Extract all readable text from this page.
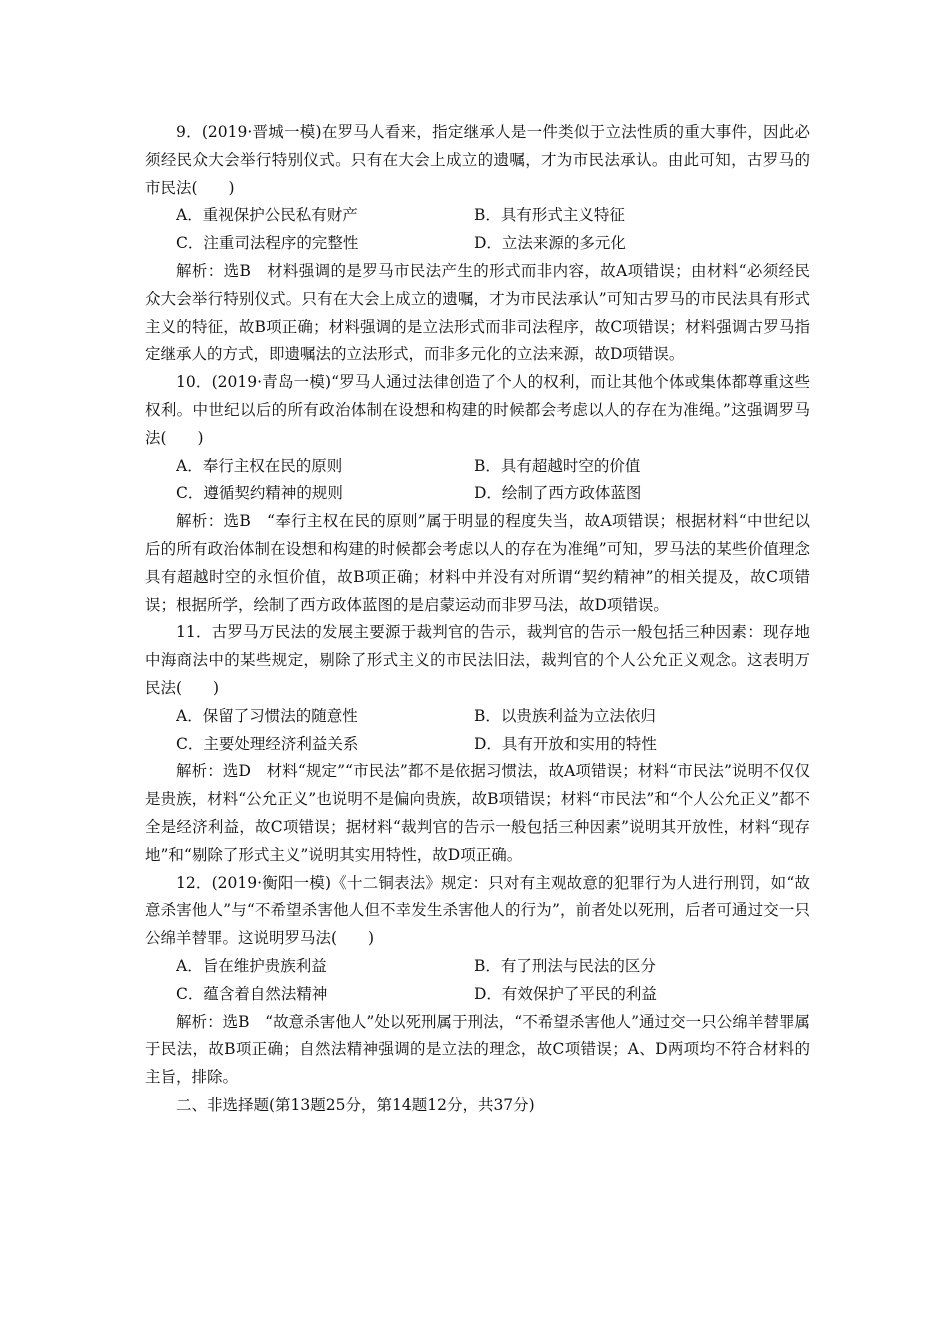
9．(2019·晋城一模)在罗马人看来，指定继承人是一件类似于立法性质的重大事件，因此必须经民众大会举行特别仪式。只有在大会上成立的遗嘱，才为市民法承认。由此可知，古罗马的市民法(　　)

A．重视保护公民私有财产	B．具有形式主义特征
C．注重司法程序的完整性	D．立法来源的多元化

解析：选B　材料强调的是罗马市民法产生的形式而非内容，故A项错误；由材料“必须经民众大会举行特别仪式。只有在大会上成立的遗嘱，才为市民法承认”可知古罗马的市民法具有形式主义的特征，故B项正确；材料强调的是立法形式而非司法程序，故C项错误；材料强调古罗马指定继承人的方式，即遗嘱法的立法形式，而非多元化的立法来源，故D项错误。

10．(2019·青岛一模)“罗马人通过法律创造了个人的权利，而让其他个体或集体都尊重这些权利。中世纪以后的所有政治体制在设想和构建的时候都会考虑以人的存在为准绳。”这强调罗马法(　　)

A．奉行主权在民的原则	B．具有超越时空的价值
C．遵循契约精神的规则	D．绘制了西方政体蓝图

解析：选B　“奉行主权在民的原则”属于明显的程度失当，故A项错误；根据材料“中世纪以后的所有政治体制在设想和构建的时候都会考虑以人的存在为准绳”可知，罗马法的某些价值理念具有超越时空的永恒价值，故B项正确；材料中并没有对所谓“契约精神”的相关提及，故C项错误；根据所学，绘制了西方政体蓝图的是启蒙运动而非罗马法，故D项错误。

11．古罗马万民法的发展主要源于裁判官的告示，裁判官的告示一般包括三种因素：现存地中海商法中的某些规定，剔除了形式主义的市民法旧法，裁判官的个人公允正义观念。这表明万民法(　　)

A．保留了习惯法的随意性	B．以贵族利益为立法依归
C．主要处理经济利益关系	D．具有开放和实用的特性

解析：选D　材料“规定”“市民法”都不是依据习惯法，故A项错误；材料“市民法”说明不仅仅是贵族，材料“公允正义”也说明不是偏向贵族，故B项错误；材料“市民法”和“个人公允正义”都不全是经济利益，故C项错误；据材料“裁判官的告示一般包括三种因素”说明其开放性，材料“现存地”和“剔除了形式主义”说明其实用特性，故D项正确。

12．(2019·衡阳一模)《十二铜表法》规定：只对有主观故意的犯罪行为人进行刑罚，如“故意杀害他人”与“不希望杀害他人但不幸发生杀害他人的行为”，前者处以死刑，后者可通过交一只公绵羊替罪。这说明罗马法(　　)

A．旨在维护贵族利益	B．有了刑法与民法的区分
C．蕴含着自然法精神	D．有效保护了平民的利益

解析：选B　“故意杀害他人”处以死刑属于刑法，“不希望杀害他人”通过交一只公绵羊替罪属于民法，故B项正确；自然法精神强调的是立法的理念，故C项错误；A、D两项均不符合材料的主旨，排除。

二、非选择题(第13题25分，第14题12分，共37分)
